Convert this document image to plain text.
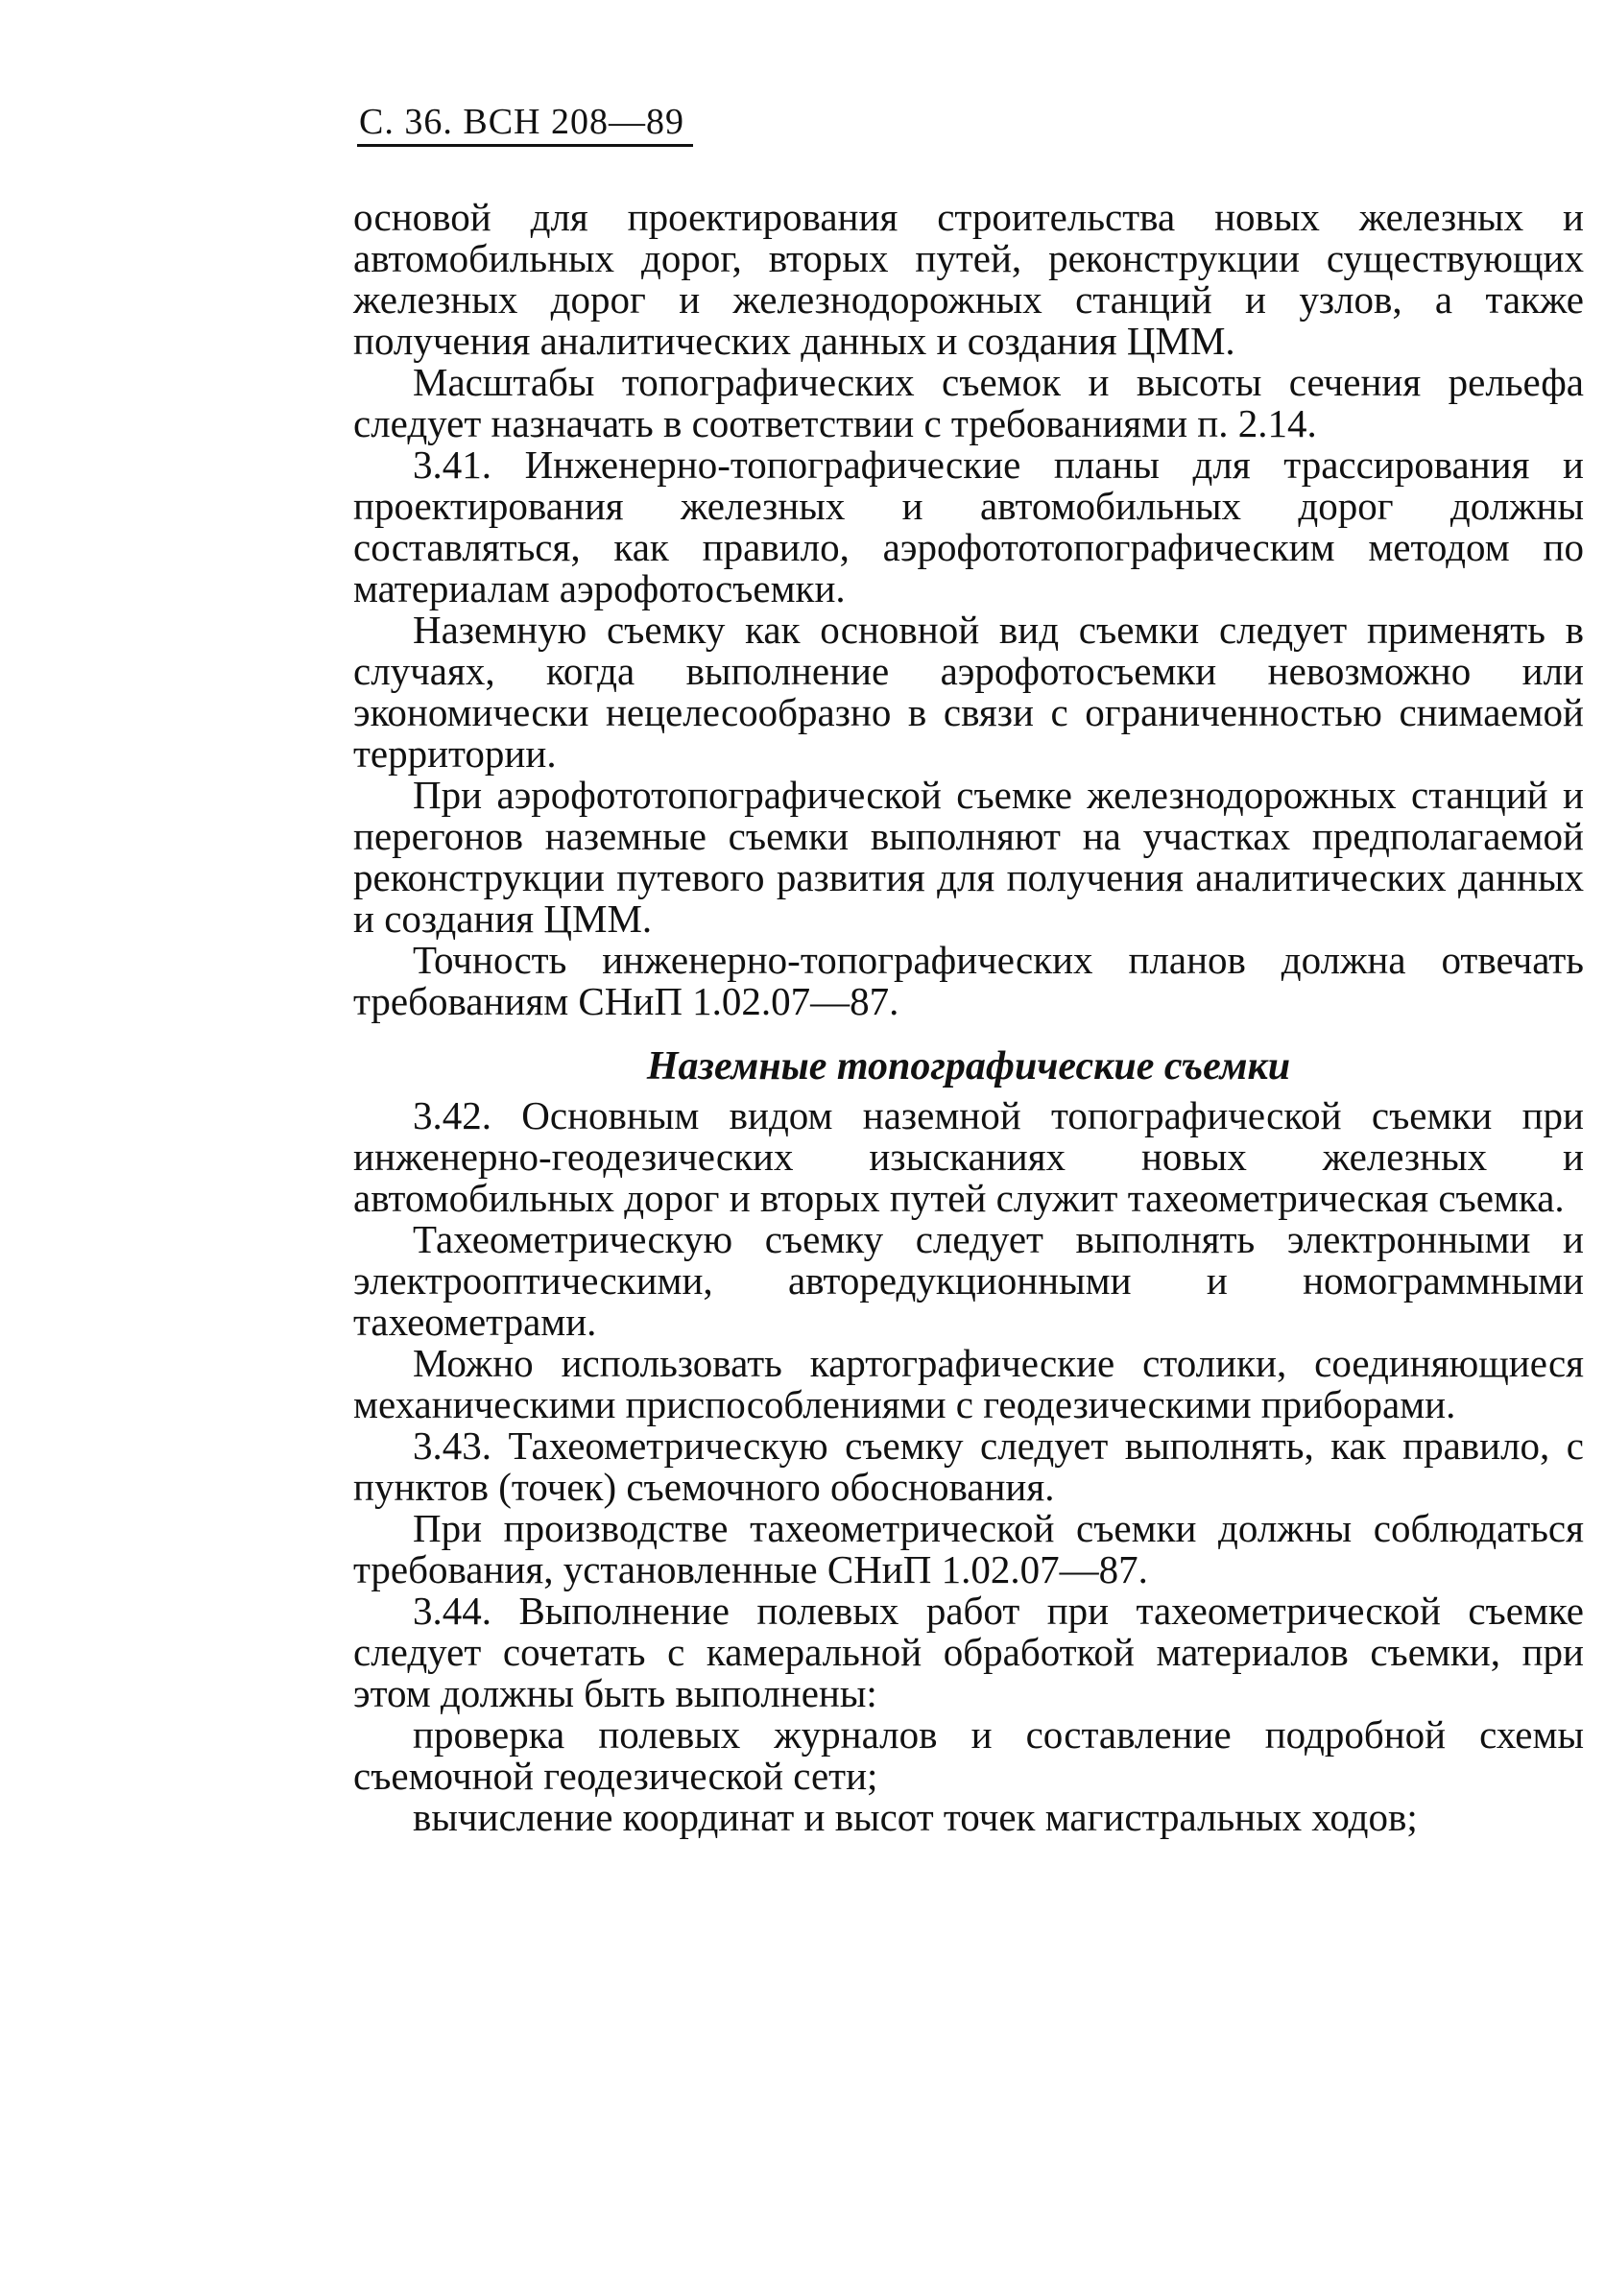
С. 36. ВСН 208—89

основой для проектирования строительства новых железных и автомобильных дорог, вторых путей, реконструкции существующих железных дорог и железнодорожных станций и узлов, а также получения аналитических данных и создания ЦММ.

Масштабы топографических съемок и высоты сечения рельефа следует назначать в соответствии с требованиями п. 2.14.

3.41. Инженерно-топографические планы для трассирования и проектирования железных и автомобильных дорог должны составляться, как правило, аэрофототопографическим методом по материалам аэрофотосъемки.

Наземную съемку как основной вид съемки следует применять в случаях, когда выполнение аэрофотосъемки невозможно или экономически нецелесообразно в связи с ограниченностью снимаемой территории.

При аэрофототопографической съемке железнодорожных станций и перегонов наземные съемки выполняют на участках предполагаемой реконструкции путевого развития для получения аналитических данных и создания ЦММ.

Точность инженерно-топографических планов должна отвечать требованиям СНиП 1.02.07—87.

Наземные топографические съемки

3.42. Основным видом наземной топографической съемки при инженерно-геодезических изысканиях новых железных и автомобильных дорог и вторых путей служит тахеометрическая съемка.

Тахеометрическую съемку следует выполнять электронными и электрооптическими, авторедукционными и номограммными тахеометрами.

Можно использовать картографические столики, соединяющиеся механическими приспособлениями с геодезическими приборами.

3.43. Тахеометрическую съемку следует выполнять, как правило, с пунктов (точек) съемочного обоснования.

При производстве тахеометрической съемки должны соблюдаться требования, установленные СНиП 1.02.07—87.

3.44. Выполнение полевых работ при тахеометрической съемке следует сочетать с камеральной обработкой материалов съемки, при этом должны быть выполнены:

проверка полевых журналов и составление подробной схемы съемочной геодезической сети;

вычисление координат и высот точек магистральных ходов;
